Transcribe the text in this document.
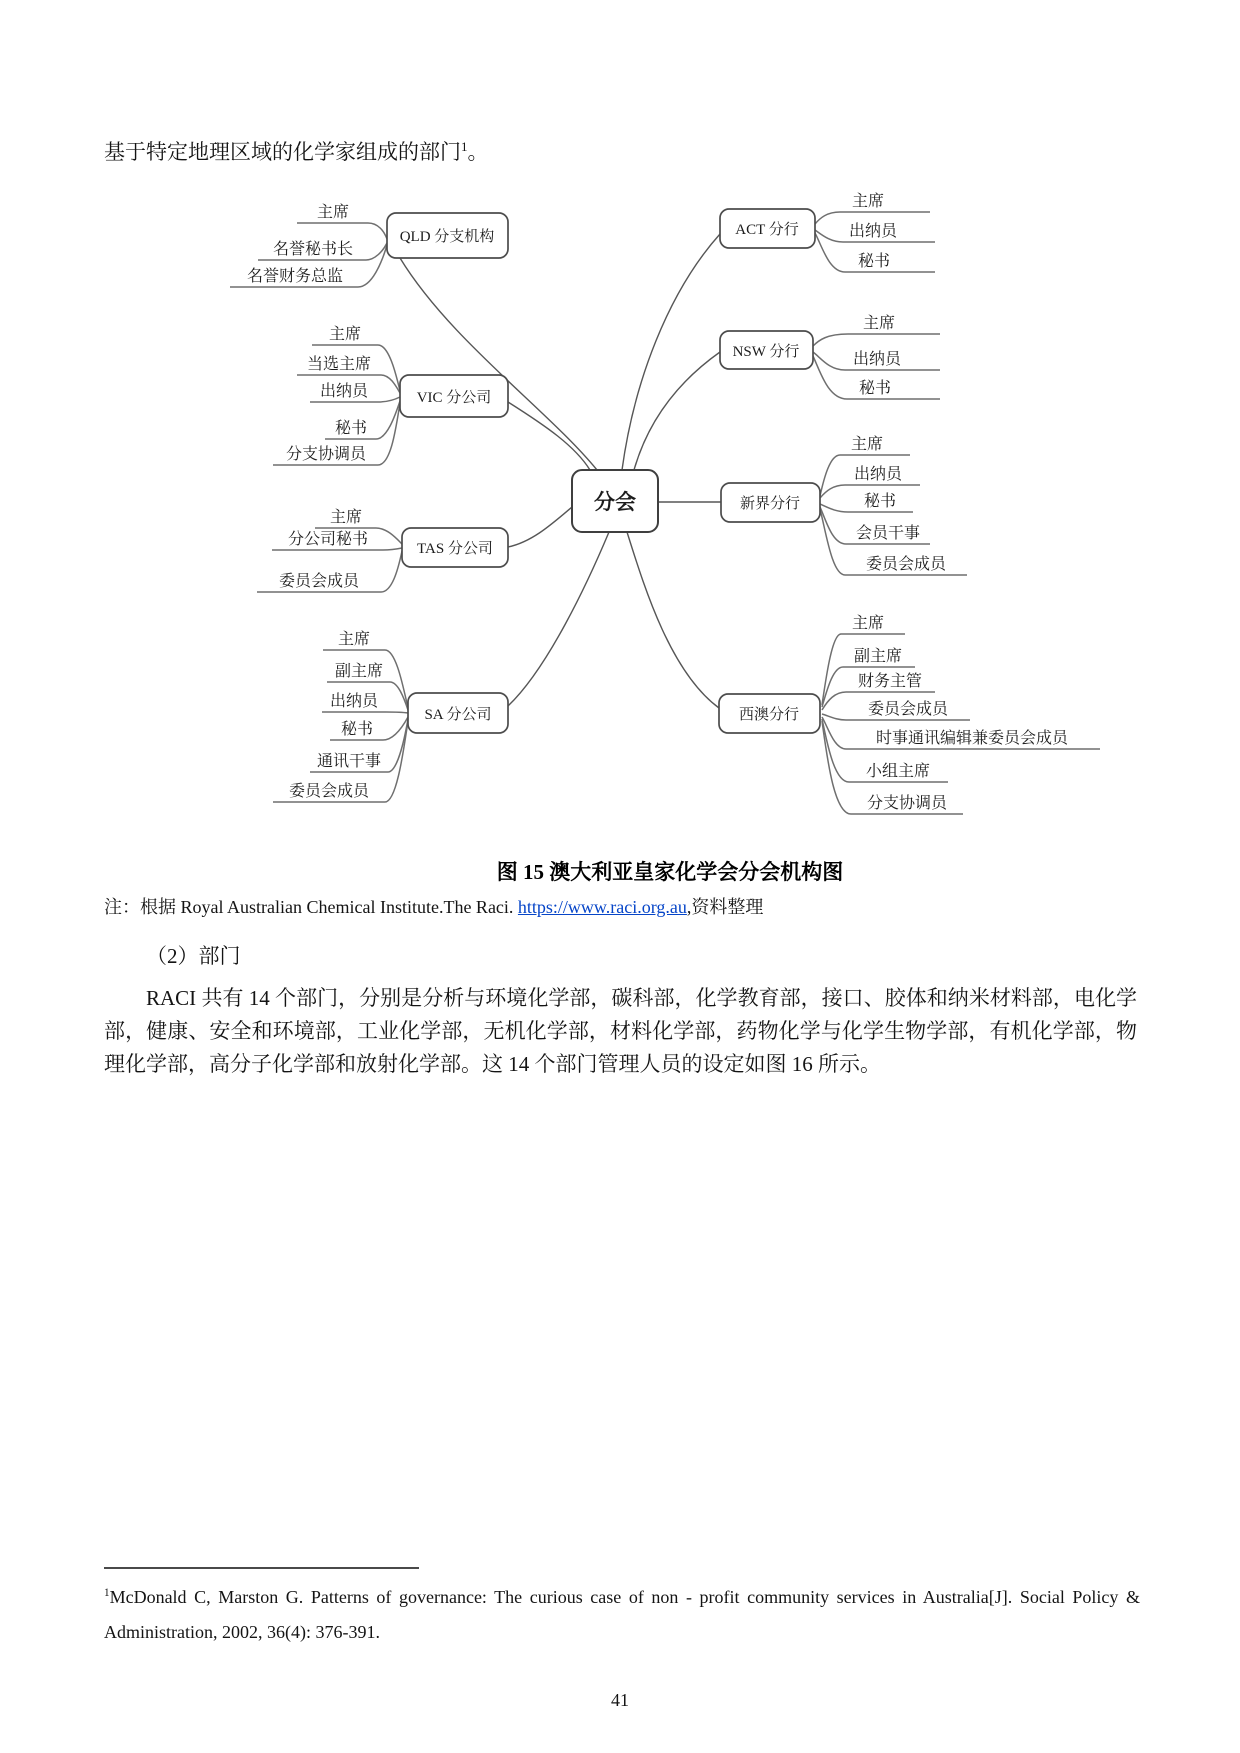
基于特定地理区域的化学家组成的部门$^1$。
主席
名誉秘书长
名誉财务总监
QLD 分支机构
主席
当选主席
出纳员
秘书
分支协调员
VIC 分公司
主席
分公司秘书
委员会成员
TAS 分公司
主席
副主席
出纳员
秘书
通讯干事
委员会成员
SA 分公司
主席
出纳员
秘书
ACT 分行
主席
出纳员
秘书
NSW 分行
主席
出纳员
秘书
会员干事
委员会成员
新界分行
主席
副主席
财务主管
委员会成员
时事通讯编辑兼委员会成员
小组主席
分支协调员
西澳分行
分会
图 15 澳大利亚皇家化学会分会机构图
注：根据 Royal Australian Chemical Institute.The Raci. https://www.raci.org.au,资料整理
（2）部门
RACI 共有 14 个部门，分别是分析与环境化学部，碳科部，化学教育部，接口、胶体和纳米材料部，电化学部，健康、安全和环境部，工业化学部，无机化学部，材料化学部，药物化学与化学生物学部，有机化学部，物理化学部，高分子化学部和放射化学部。这 14 个部门管理人员的设定如图 16 所示。
$^1$McDonald C, Marston G. Patterns of governance: The curious case of non ‐ profit community services in Australia[J]. Social Policy & Administration, 2002, 36(4): 376-391.
41
